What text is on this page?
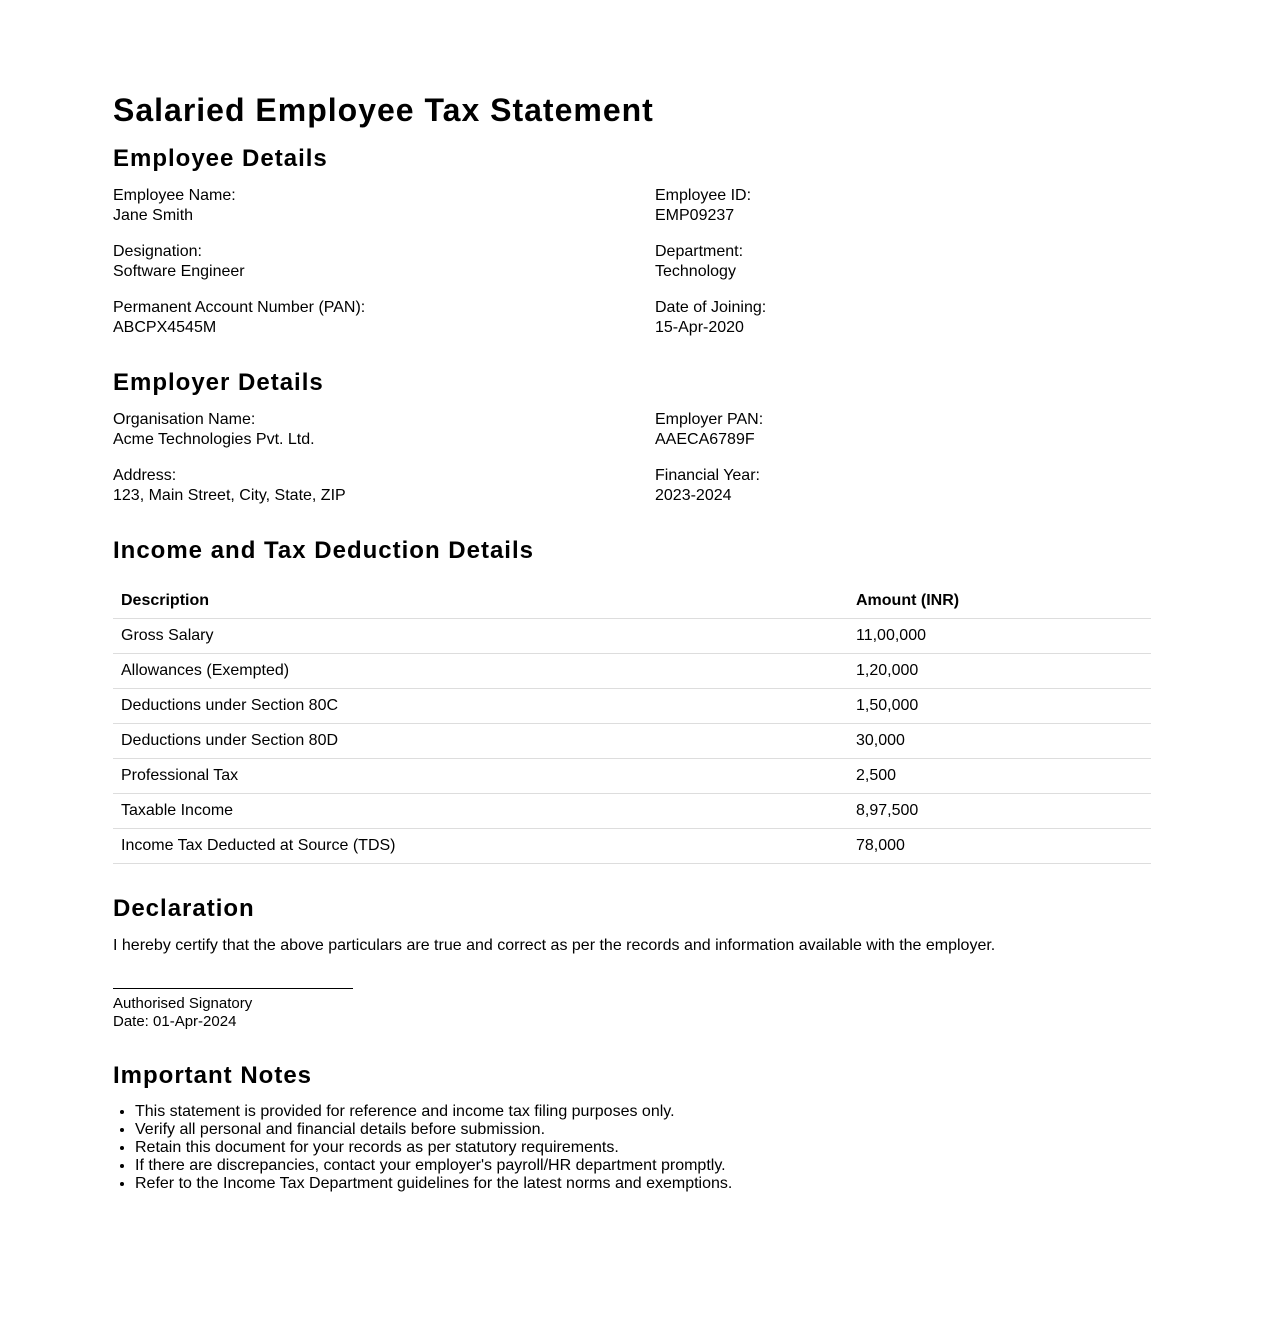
Salaried Employee Tax Statement
Employee Details
Employee Name:
Jane Smith
Employee ID:
EMP09237
Designation:
Software Engineer
Department:
Technology
Permanent Account Number (PAN):
ABCPX4545M
Date of Joining:
15-Apr-2020
Employer Details
Organisation Name:
Acme Technologies Pvt. Ltd.
Employer PAN:
AAECA6789F
Address:
123, Main Street, City, State, ZIP
Financial Year:
2023-2024
Income and Tax Deduction Details
Description	Amount (INR)
Gross Salary	11,00,000
Allowances (Exempted)	1,20,000
Deductions under Section 80C	1,50,000
Deductions under Section 80D	30,000
Professional Tax	2,500
Taxable Income	8,97,500
Income Tax Deducted at Source (TDS)	78,000
Declaration

I hereby certify that the above particulars are true and correct as per the records and information available with the employer.

Authorised Signatory
Date: 01-Apr-2024
Important Notes
• This statement is provided for reference and income tax filing purposes only.
• Verify all personal and financial details before submission.
• Retain this document for your records as per statutory requirements.
• If there are discrepancies, contact your employer's payroll/HR department promptly.
• Refer to the Income Tax Department guidelines for the latest norms and exemptions.
